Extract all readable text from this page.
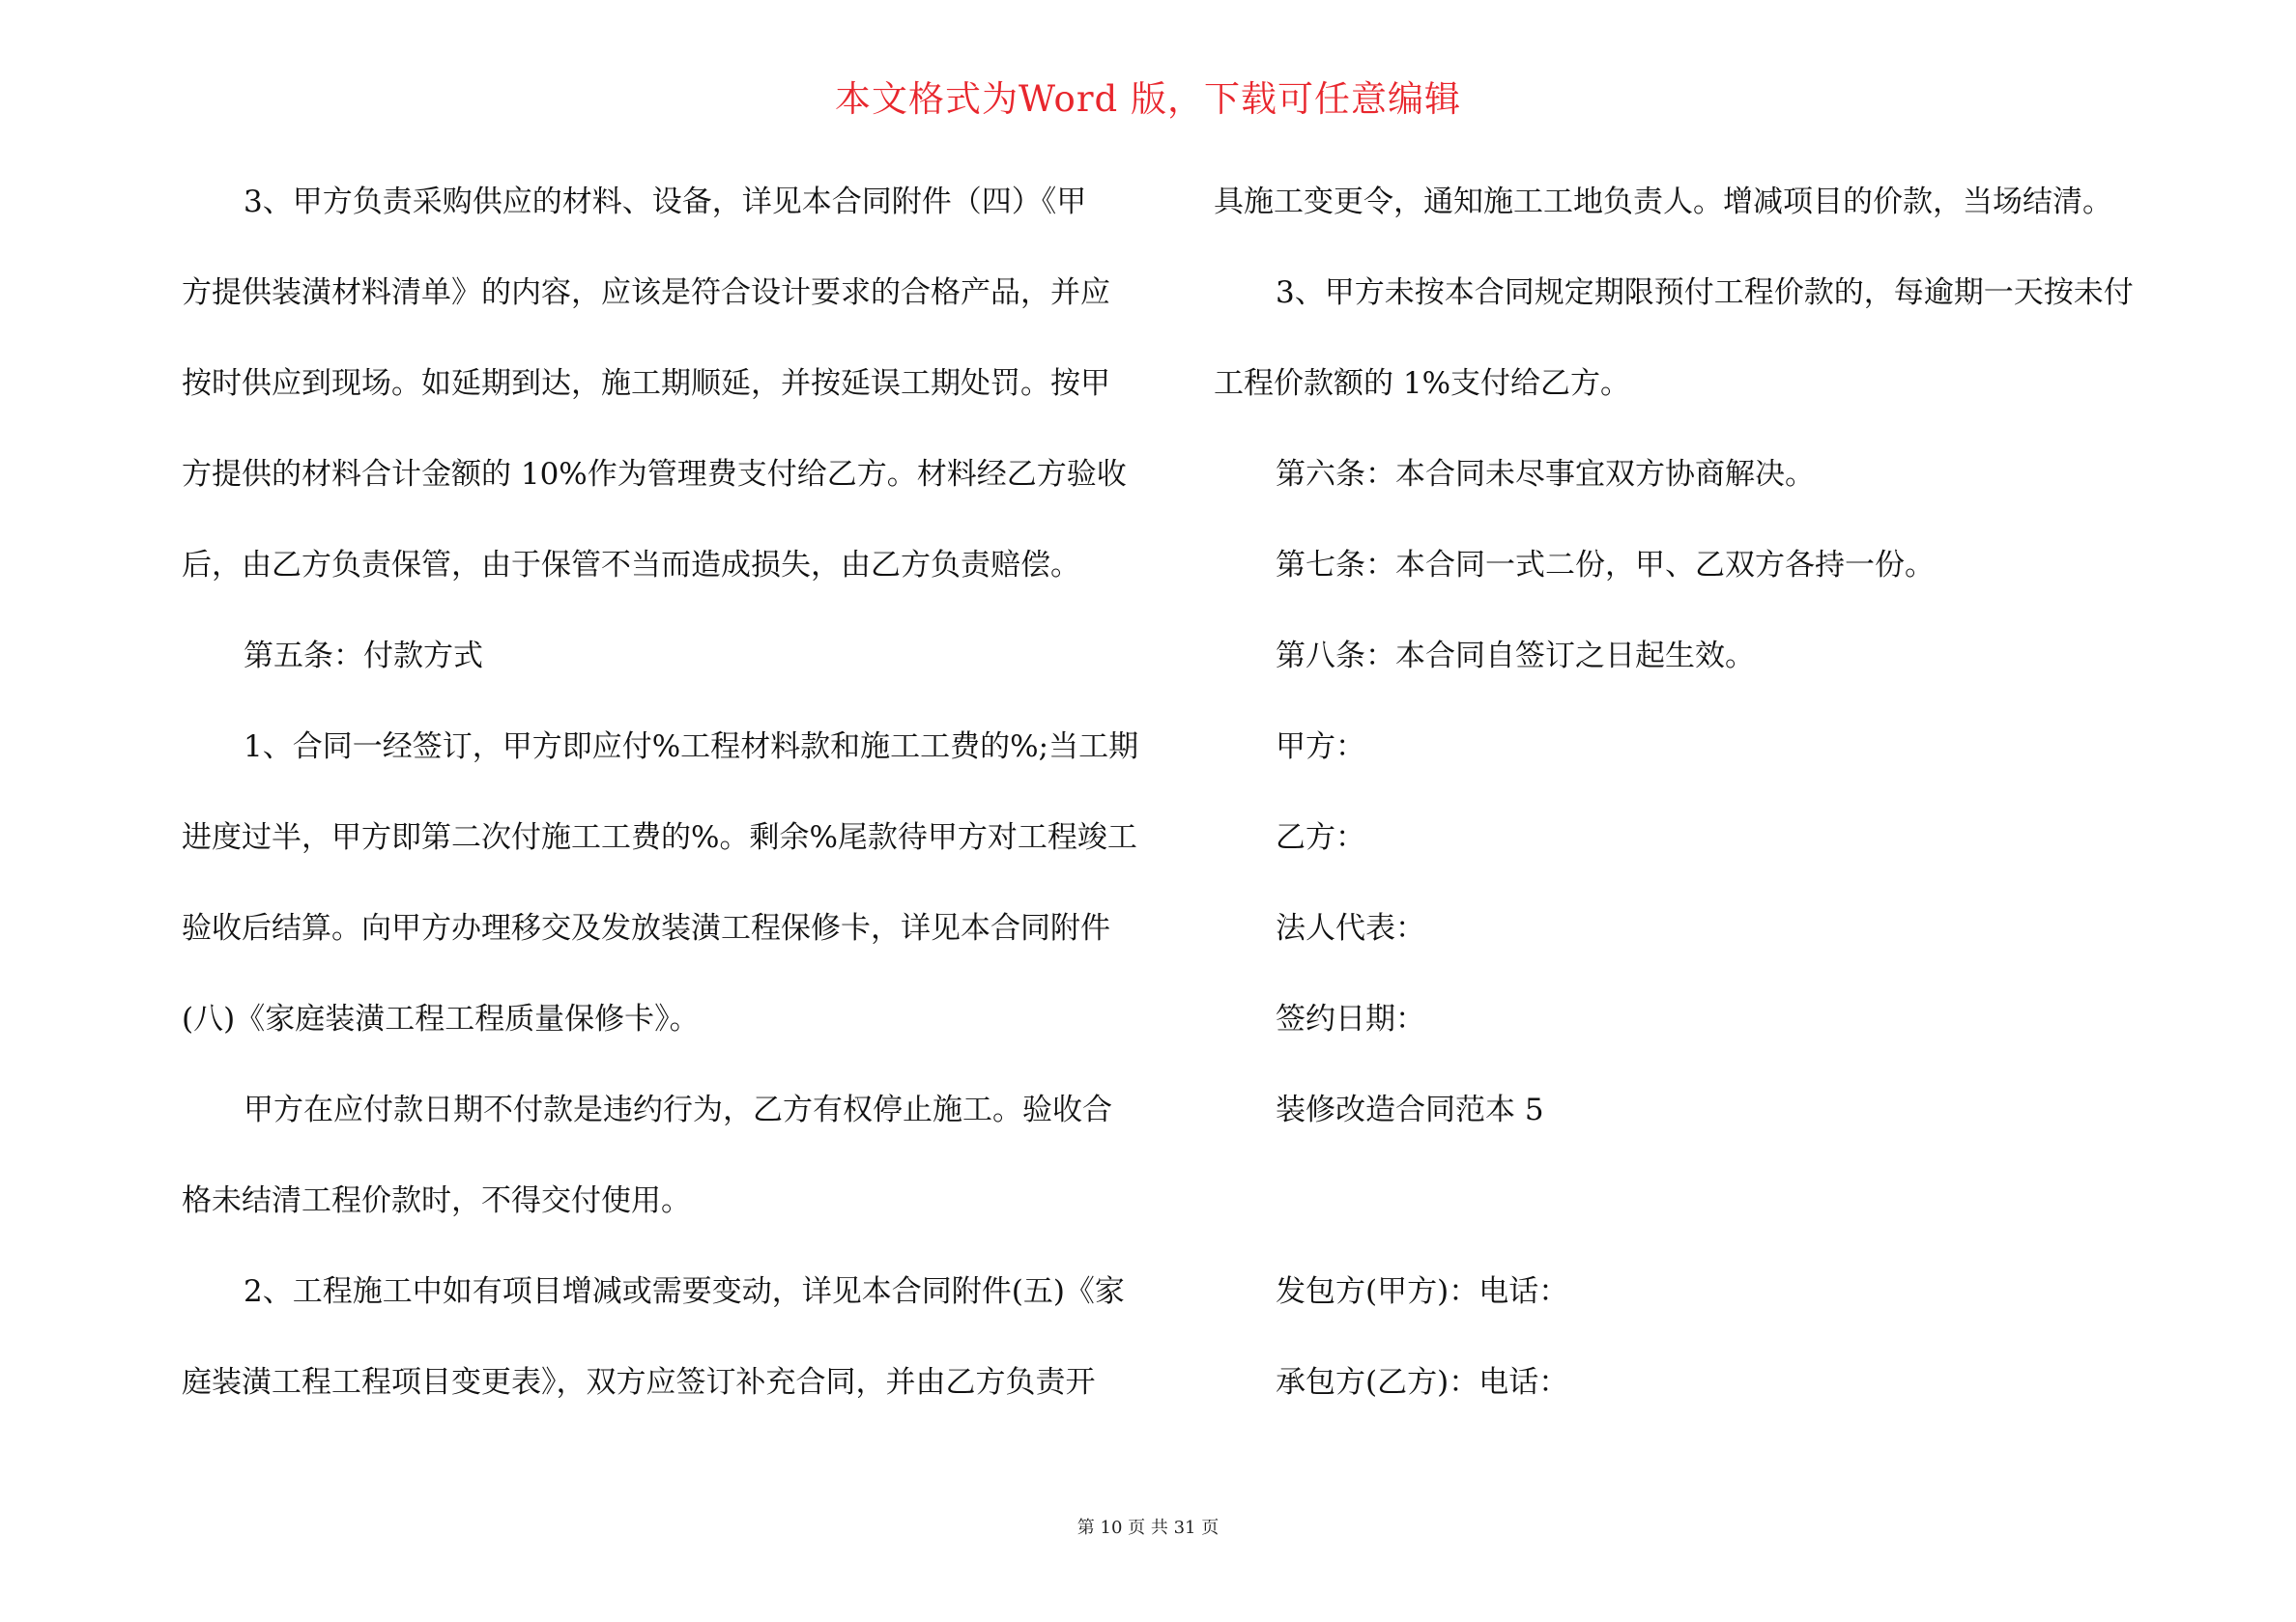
本文格式为Word 版，下载可任意编辑
3、甲方负责采购供应的材料、设备，详见本合同附件（四）《甲
方提供装潢材料清单》的内容，应该是符合设计要求的合格产品，并应
按时供应到现场。如延期到达，施工期顺延，并按延误工期处罚。按甲
方提供的材料合计金额的 10%作为管理费支付给乙方。材料经乙方验收
后，由乙方负责保管，由于保管不当而造成损失，由乙方负责赔偿。
第五条：付款方式
1、合同一经签订，甲方即应付%工程材料款和施工工费的%;当工期
进度过半，甲方即第二次付施工工费的%。剩余%尾款待甲方对工程竣工
验收后结算。向甲方办理移交及发放装潢工程保修卡，详见本合同附件
(八)《家庭装潢工程工程质量保修卡》。
甲方在应付款日期不付款是违约行为，乙方有权停止施工。验收合
格未结清工程价款时，不得交付使用。
2、工程施工中如有项目增减或需要变动，详见本合同附件(五)《家
庭装潢工程工程项目变更表》，双方应签订补充合同，并由乙方负责开
具施工变更令，通知施工工地负责人。增减项目的价款，当场结清。
3、甲方未按本合同规定期限预付工程价款的，每逾期一天按未付
工程价款额的 1%支付给乙方。
第六条：本合同未尽事宜双方协商解决。
第七条：本合同一式二份，甲、乙双方各持一份。
第八条：本合同自签订之日起生效。
甲方：
乙方：
法人代表：
签约日期：
装修改造合同范本 5
发包方(甲方)：电话：
承包方(乙方)：电话：
第 10 页 共 31 页
